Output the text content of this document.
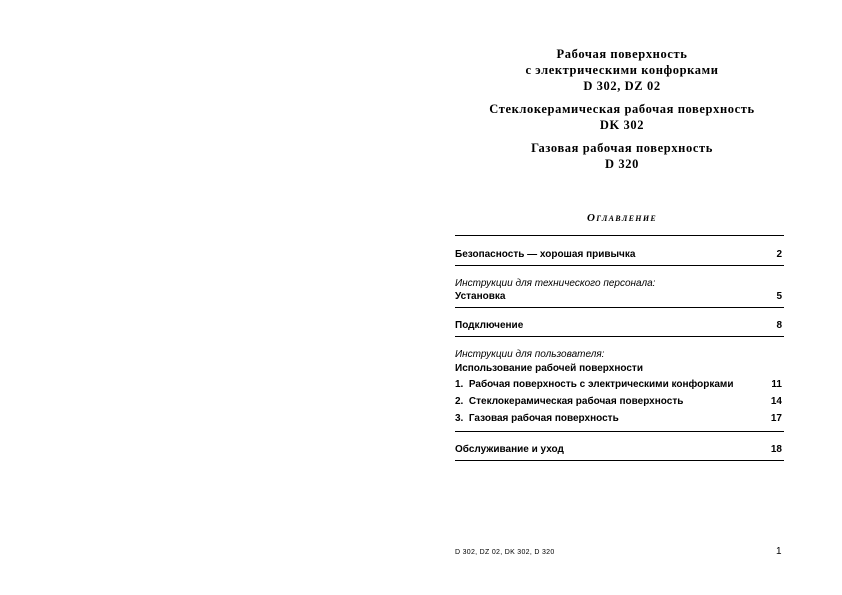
Рабочая поверхность
с электрическими конфорками
D 302, DZ 02
Стеклокерамическая рабочая поверхность
DK 302
Газовая рабочая поверхность
D 320
Оглавление
Безопасность — хорошая привычка	2
Инструкции для технического персонала:
Установка	5
Подключение	8
Инструкции для пользователя:
Использование рабочей поверхности
1.  Рабочая поверхность с электрическими конфорками	11
2.  Стеклокерамическая рабочая поверхность	14
3.  Газовая рабочая поверхность	17
Обслуживание и уход	18
D 302, DZ 02, DK 302, D 320	1
